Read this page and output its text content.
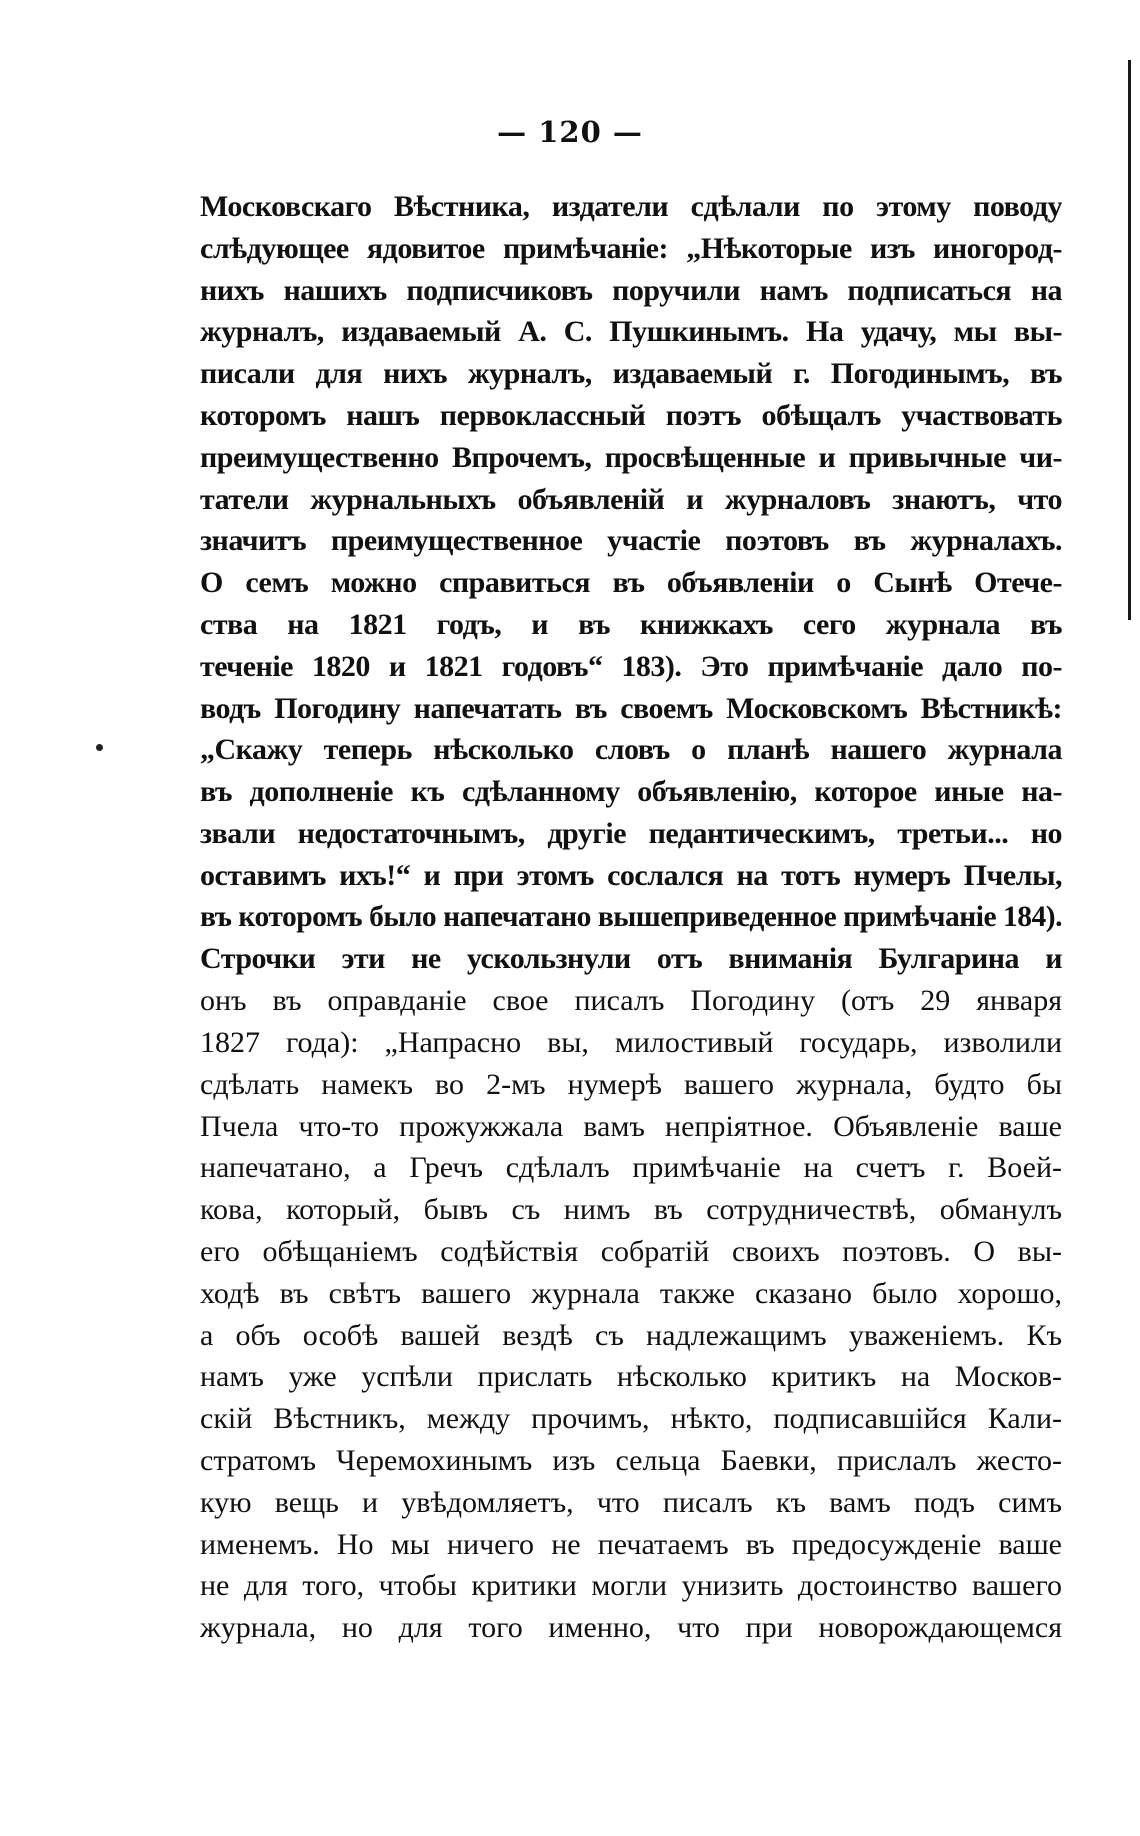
— 120 —
Московскаго Вѣстника, издатели сдѣлали по этому поводу
слѣдующее ядовитое примѣчаніе: „Нѣкоторые изъ иногород-
нихъ нашихъ подписчиковъ поручили намъ подписаться на
журналъ, издаваемый А. С. Пушкинымъ. На удачу, мы вы-
писали для нихъ журналъ, издаваемый г. Погодинымъ, въ
которомъ нашъ первоклассный поэтъ обѣщалъ участвовать
преимущественно Впрочемъ, просвѣщенные и привычные чи-
татели журнальныхъ объявленій и журналовъ знаютъ, что
значитъ преимущественное участіе поэтовъ въ журналахъ.
О семъ можно справиться въ объявленіи о Сынѣ Отече-
ства на 1821 годъ, и въ книжкахъ сего журнала въ
теченіе 1820 и 1821 годовъ“ 183). Это примѣчаніе дало по-
водъ Погодину напечатать въ своемъ Московскомъ Вѣстникѣ:
„Скажу теперь нѣсколько словъ о планѣ нашего журнала
въ дополненіе къ сдѣланному объявленію, которое иные на-
звали недостаточнымъ, другіе педантическимъ, третьи... но
оставимъ ихъ!“ и при этомъ сослался на тотъ нумеръ Пчелы,
въ которомъ было напечатано вышеприведенное примѣчаніе 184).
Строчки эти не ускользнули отъ вниманія Булгарина и
онъ въ оправданіе свое писалъ Погодину (отъ 29 января
1827 года): „Напрасно вы, милостивый государь, изволили
сдѣлать намекъ во 2-мъ нумерѣ вашего журнала, будто бы
Пчела что-то прожужжала вамъ непріятное. Объявленіе ваше
напечатано, а Гречъ сдѣлалъ примѣчаніе на счетъ г. Воей-
кова, который, бывъ съ нимъ въ сотрудничествѣ, обманулъ
его обѣщаніемъ содѣйствія собратій своихъ поэтовъ. О вы-
ходѣ въ свѣтъ вашего журнала также сказано было хорошо,
а объ особѣ вашей вездѣ съ надлежащимъ уваженіемъ. Къ
намъ уже успѣли прислать нѣсколько критикъ на Москов-
скій Вѣстникъ, между прочимъ, нѣкто, подписавшійся Кали-
стратомъ Черемохинымъ изъ сельца Баевки, прислалъ жесто-
кую вещь и увѣдомляетъ, что писалъ къ вамъ подъ симъ
именемъ. Но мы ничего не печатаемъ въ предосужденіе ваше
не для того, чтобы критики могли унизить достоинство вашего
журнала, но для того именно, что при новорождающемся
